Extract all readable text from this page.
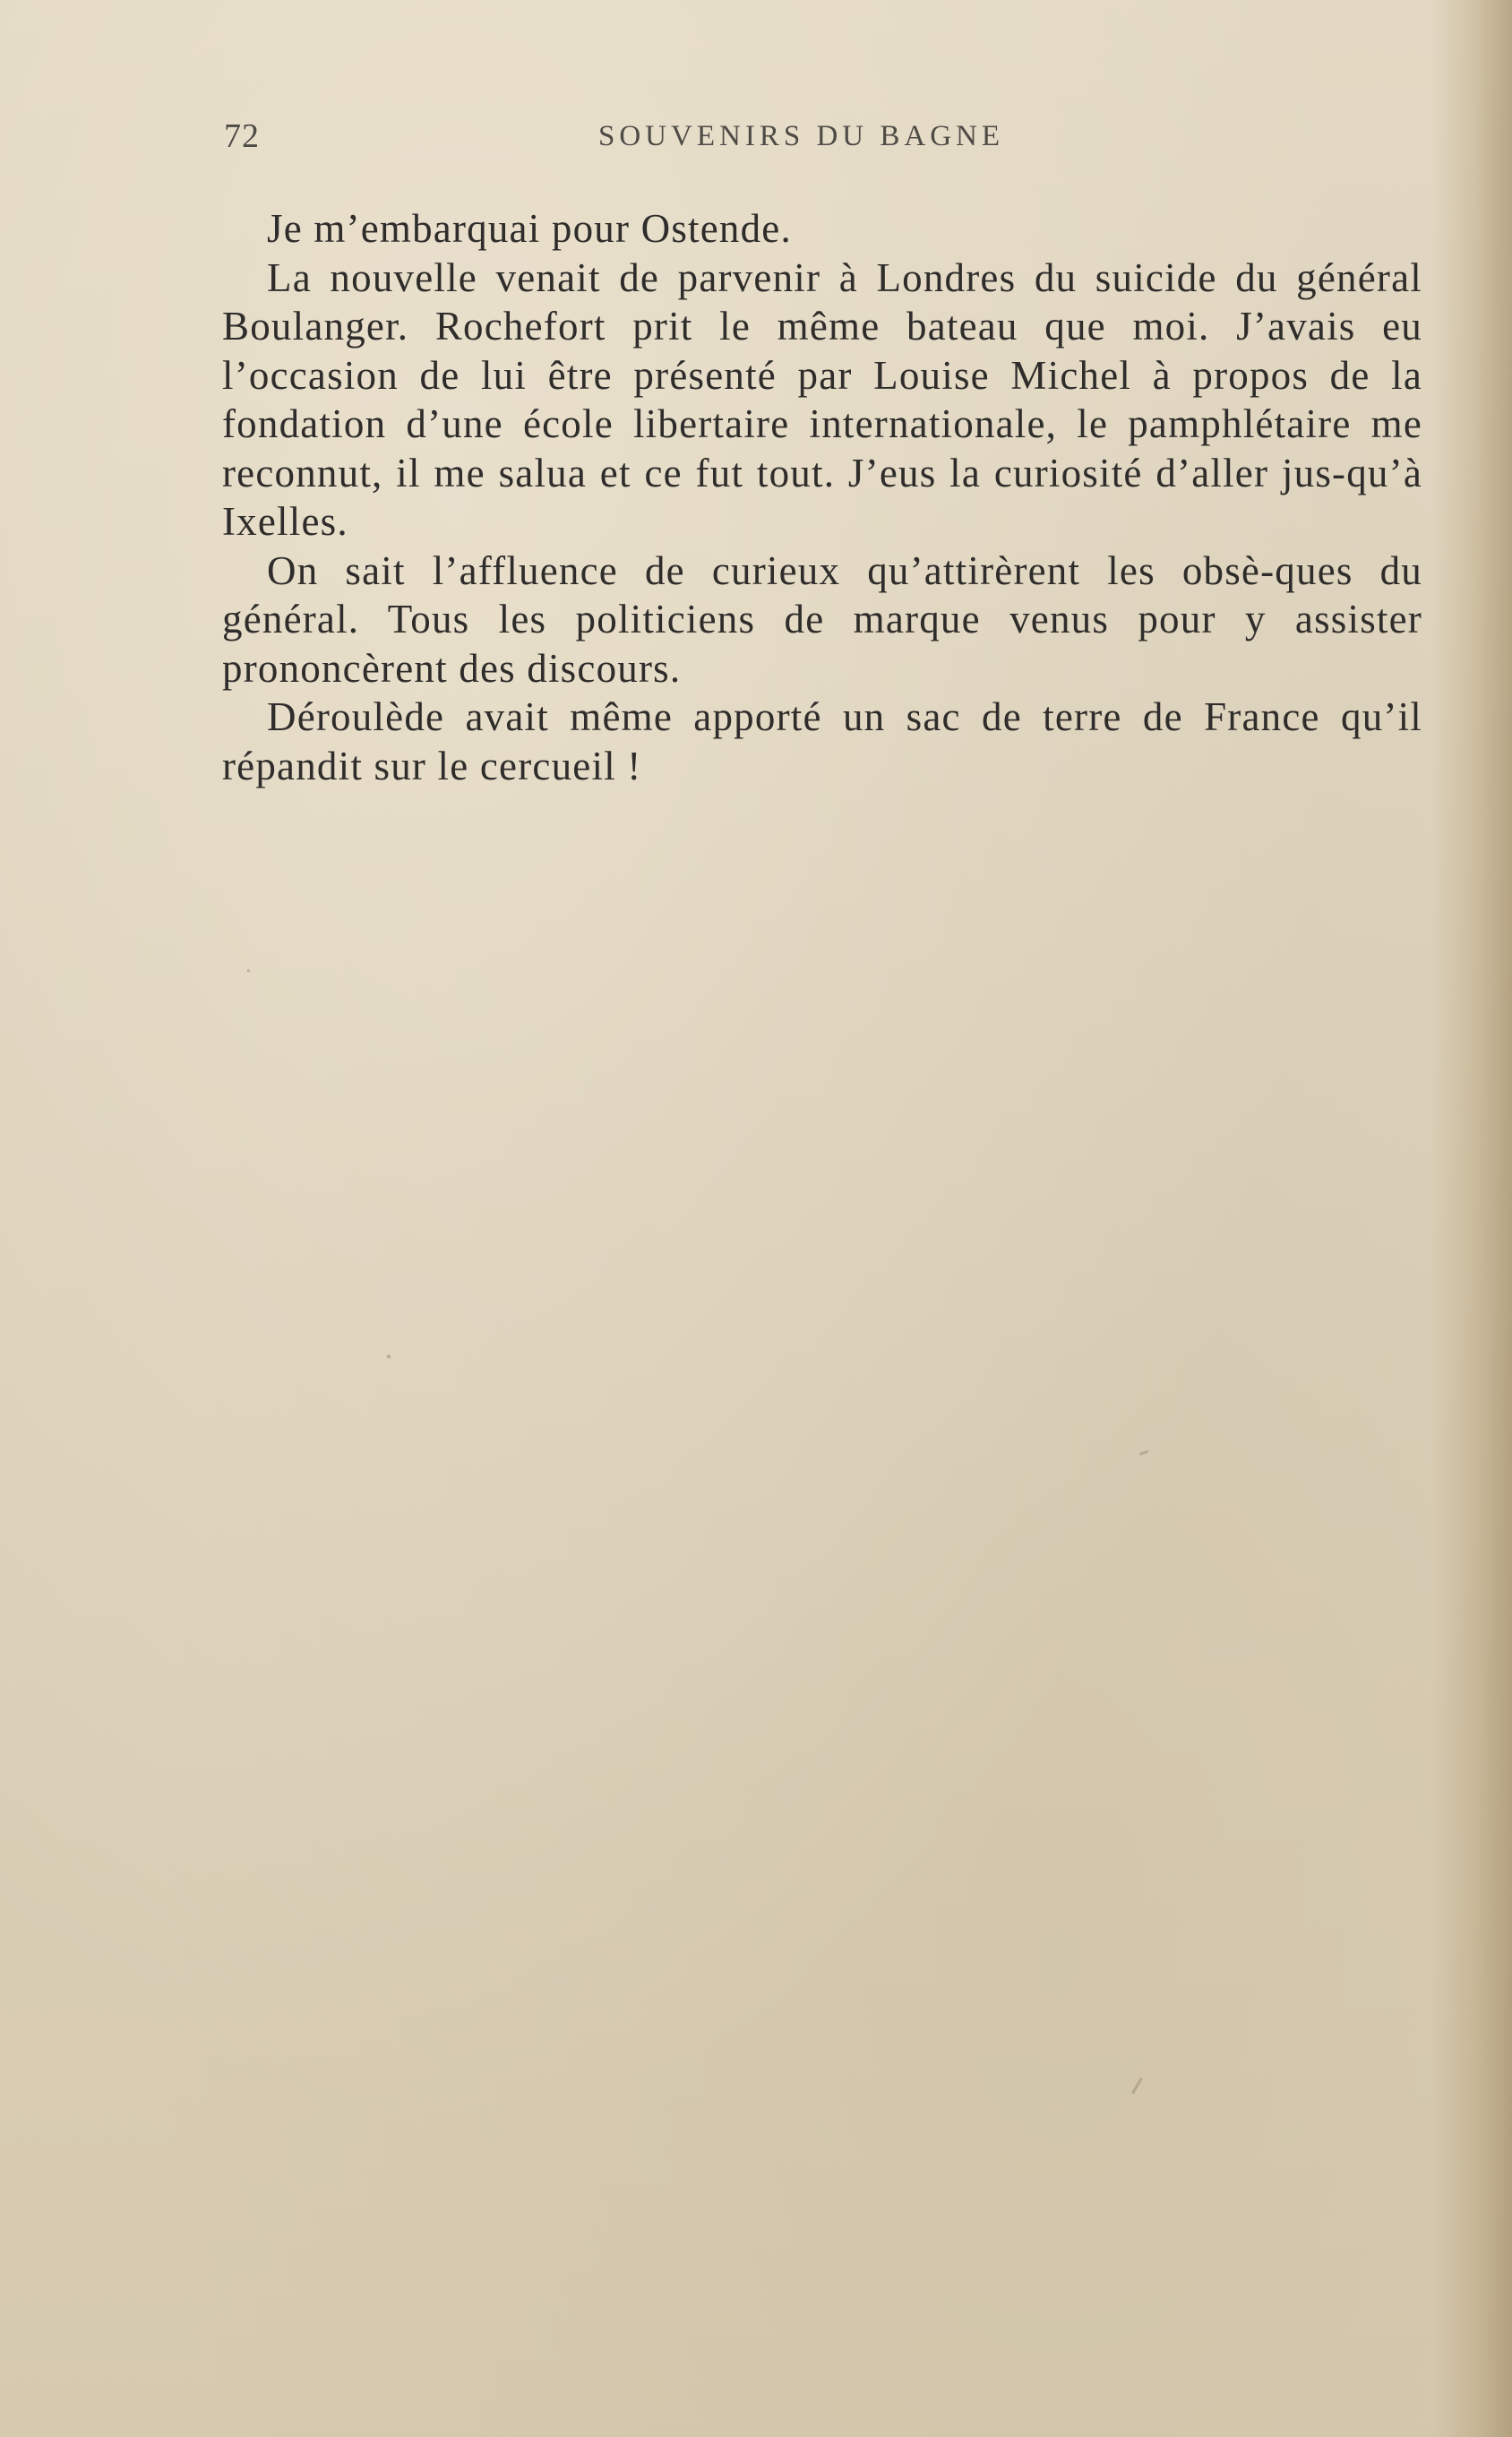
72	SOUVENIRS DU BAGNE

Je m’embarquai pour Ostende.

La nouvelle venait de parvenir à Londres du suicide du général Boulanger. Rochefort prit le même bateau que moi. J’avais eu l’occasion de lui être présenté par Louise Michel à propos de la fondation d’une école libertaire internationale, le pamphlétaire me reconnut, il me salua et ce fut tout. J’eus la curiosité d’aller jus-qu’à Ixelles.

On sait l’affluence de curieux qu’attirèrent les obsè-ques du général. Tous les politiciens de marque venus pour y assister prononcèrent des discours.

Déroulède avait même apporté un sac de terre de France qu’il répandit sur le cercueil !
